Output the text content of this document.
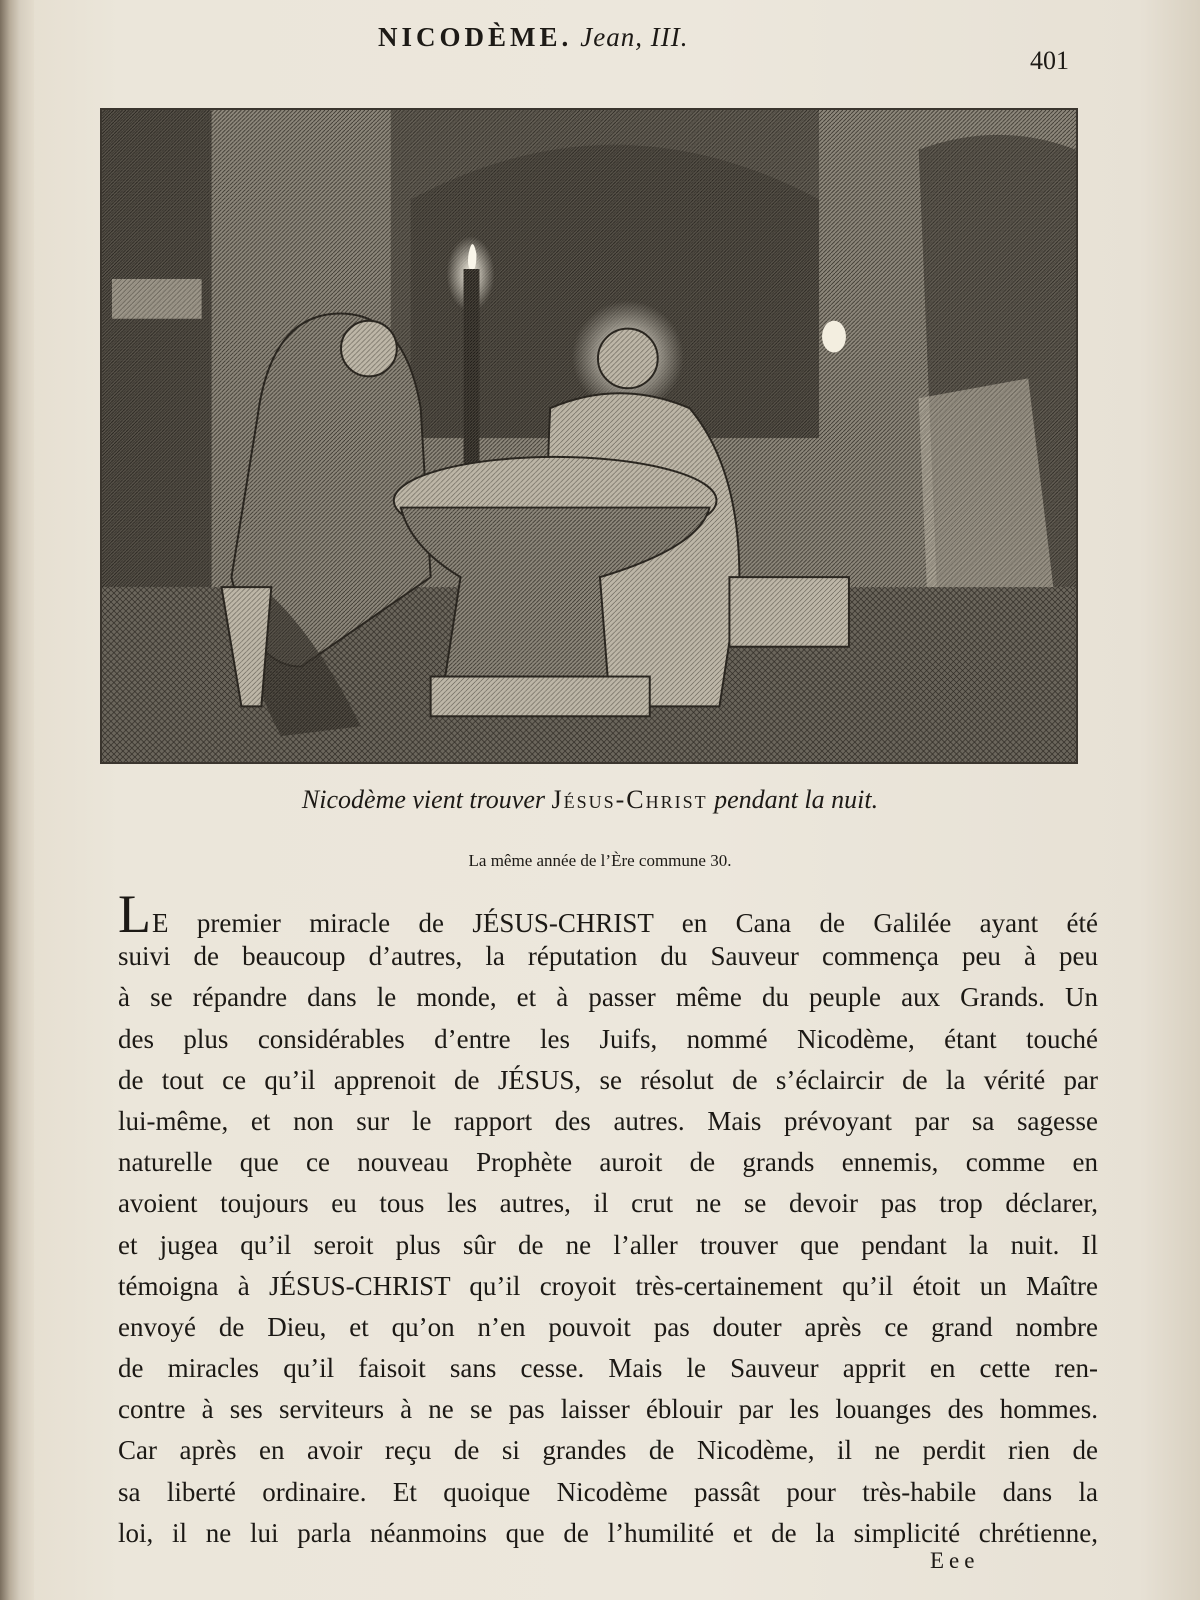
NICODÈME. Jean, III.
401
Nicodème vient trouver Jésus-Christ pendant la nuit.
La même année de l’Ère commune 30.
LE premier miracle de JÉSUS-CHRIST en Cana de Galilée ayant été
suivi de beaucoup d’autres, la réputation du Sauveur commença peu à peu
à se répandre dans le monde, et à passer même du peuple aux Grands. Un
des plus considérables d’entre les Juifs, nommé Nicodème, étant touché
de tout ce qu’il apprenoit de JÉSUS, se résolut de s’éclaircir de la vérité par
lui-même, et non sur le rapport des autres. Mais prévoyant par sa sagesse
naturelle que ce nouveau Prophète auroit de grands ennemis, comme en
avoient toujours eu tous les autres, il crut ne se devoir pas trop déclarer,
et jugea qu’il seroit plus sûr de ne l’aller trouver que pendant la nuit. Il
témoigna à JÉSUS-CHRIST qu’il croyoit très-certainement qu’il étoit un Maître
envoyé de Dieu, et qu’on n’en pouvoit pas douter après ce grand nombre
de miracles qu’il faisoit sans cesse. Mais le Sauveur apprit en cette ren-
contre à ses serviteurs à ne se pas laisser éblouir par les louanges des hommes.
Car après en avoir reçu de si grandes de Nicodème, il ne perdit rien de
sa liberté ordinaire. Et quoique Nicodème passât pour très-habile dans la
loi, il ne lui parla néanmoins que de l’humilité et de la simplicité chrétienne,
Eee
